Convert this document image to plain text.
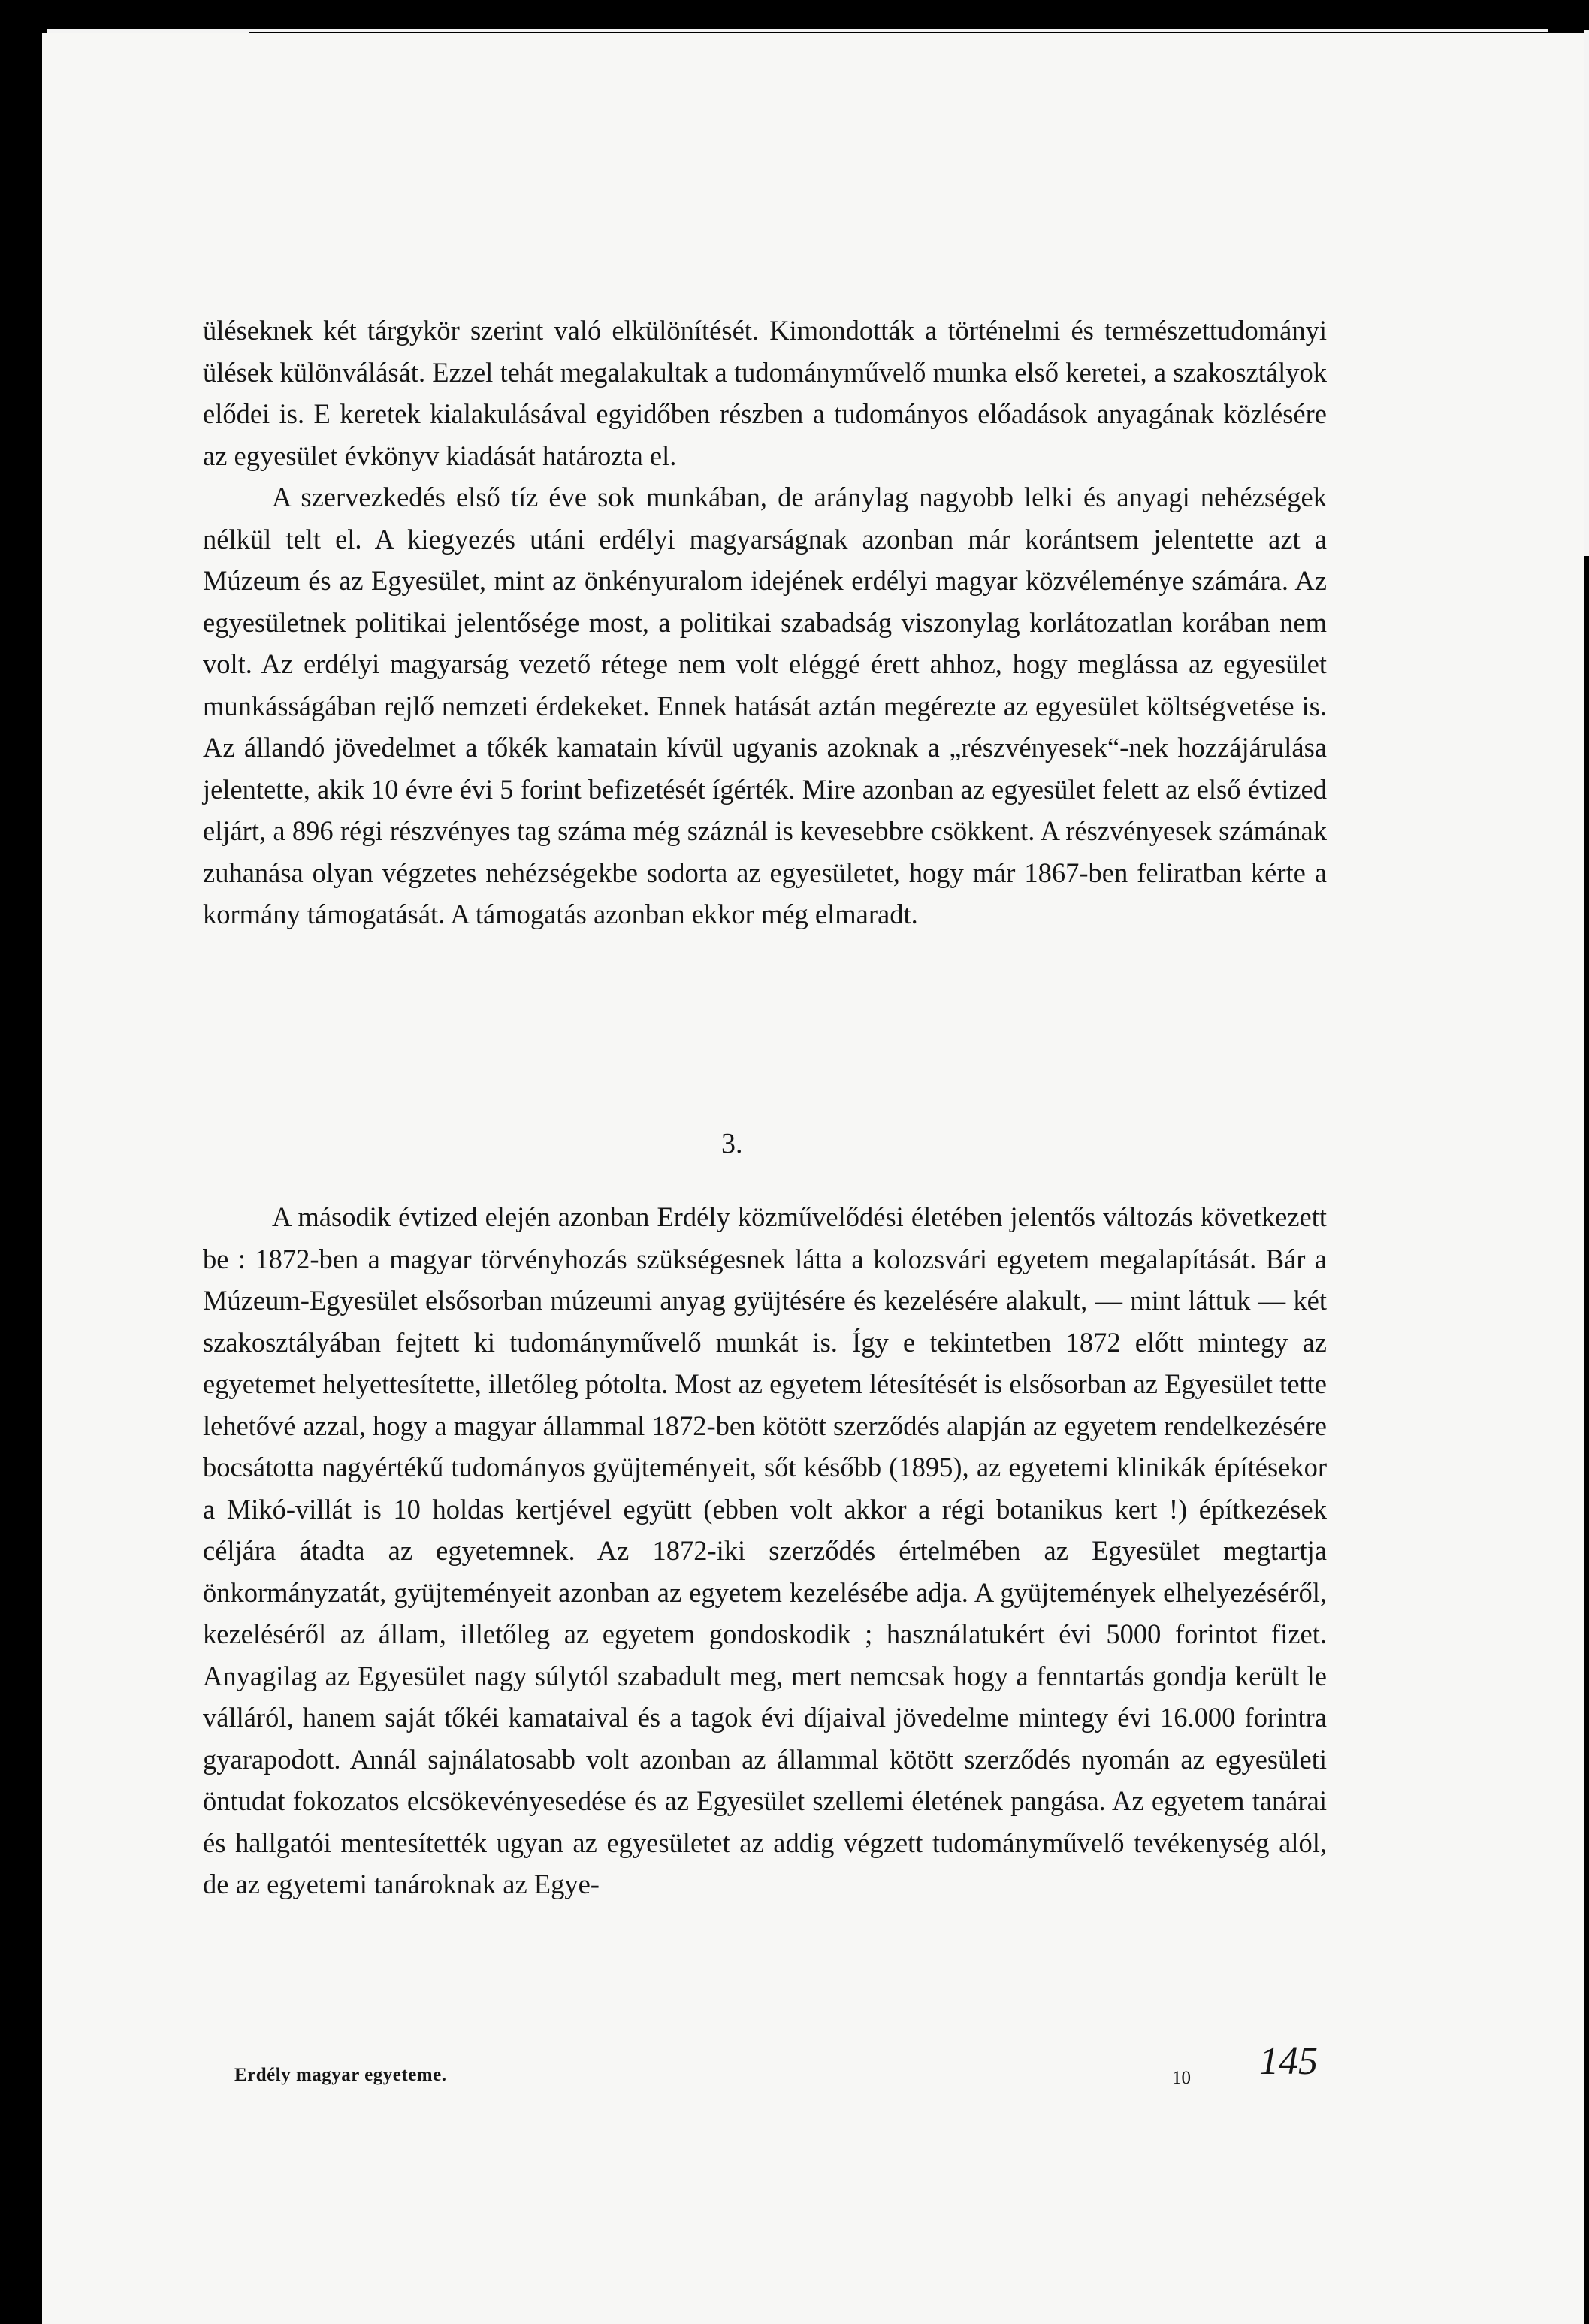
üléseknek két tárgykör szerint való elkülönítését. Kimondották a történelmi és természettudományi ülések különválását. Ezzel tehát megalakultak a tudományművelő munka első keretei, a szakosztályok elődei is. E keretek kialakulásával egyidőben részben a tudományos előadások anyagának közlésére az egyesület évkönyv kiadását határozta el.

A szervezkedés első tíz éve sok munkában, de aránylag nagyobb lelki és anyagi nehézségek nélkül telt el. A kiegyezés utáni erdélyi magyarságnak azonban már korántsem jelentette azt a Múzeum és az Egyesület, mint az önkényuralom idejének erdélyi magyar közvéleménye számára. Az egyesületnek politikai jelentősége most, a politikai szabadság viszonylag korlátozatlan korában nem volt. Az erdélyi magyarság vezető rétege nem volt eléggé érett ahhoz, hogy meglássa az egyesület munkásságában rejlő nemzeti érdekeket. Ennek hatását aztán megérezte az egyesület költségvetése is. Az állandó jövedelmet a tőkék kamatain kívül ugyanis azoknak a „részvényesek“-nek hozzájárulása jelentette, akik 10 évre évi 5 forint befizetését ígérték. Mire azonban az egyesület felett az első évtized eljárt, a 896 régi részvényes tag száma még száznál is kevesebbre csökkent. A részvényesek számának zuhanása olyan végzetes nehézségekbe sodorta az egyesületet, hogy már 1867-ben feliratban kérte a kormány támogatását. A támogatás azonban ekkor még elmaradt.

3.

A második évtized elején azonban Erdély közművelődési életében jelentős változás következett be : 1872-ben a magyar törvényhozás szükségesnek látta a kolozsvári egyetem megalapítását. Bár a Múzeum-Egyesület elsősorban múzeumi anyag gyüjtésére és kezelésére alakult, — mint láttuk — két szakosztályában fejtett ki tudományművelő munkát is. Így e tekintetben 1872 előtt mintegy az egyetemet helyettesítette, illetőleg pótolta. Most az egyetem létesítését is elsősorban az Egyesület tette lehetővé azzal, hogy a magyar állammal 1872-ben kötött szerződés alapján az egyetem rendelkezésére bocsátotta nagyértékű tudományos gyüjteményeit, sőt később (1895), az egyetemi klinikák építésekor a Mikó-villát is 10 holdas kertjével együtt (ebben volt akkor a régi botanikus kert !) építkezések céljára átadta az egyetemnek. Az 1872-iki szerződés értelmében az Egyesület megtartja önkormányzatát, gyüjteményeit azonban az egyetem kezelésébe adja. A gyüjtemények elhelyezéséről, kezeléséről az állam, illetőleg az egyetem gondoskodik ; használatukért évi 5000 forintot fizet. Anyagilag az Egyesület nagy súlytól szabadult meg, mert nemcsak hogy a fenntartás gondja került le válláról, hanem saját tőkéi kamataival és a tagok évi díjaival jövedelme mintegy évi 16.000 forintra gyarapodott. Annál sajnálatosabb volt azonban az állammal kötött szerződés nyomán az egyesületi öntudat fokozatos elcsökevényesedése és az Egyesület szellemi életének pangása. Az egyetem tanárai és hallgatói mentesítették ugyan az egyesületet az addig végzett tudományművelő tevékenység alól, de az egyetemi tanároknak az Egye-

Erdély magyar egyeteme.	10 145
